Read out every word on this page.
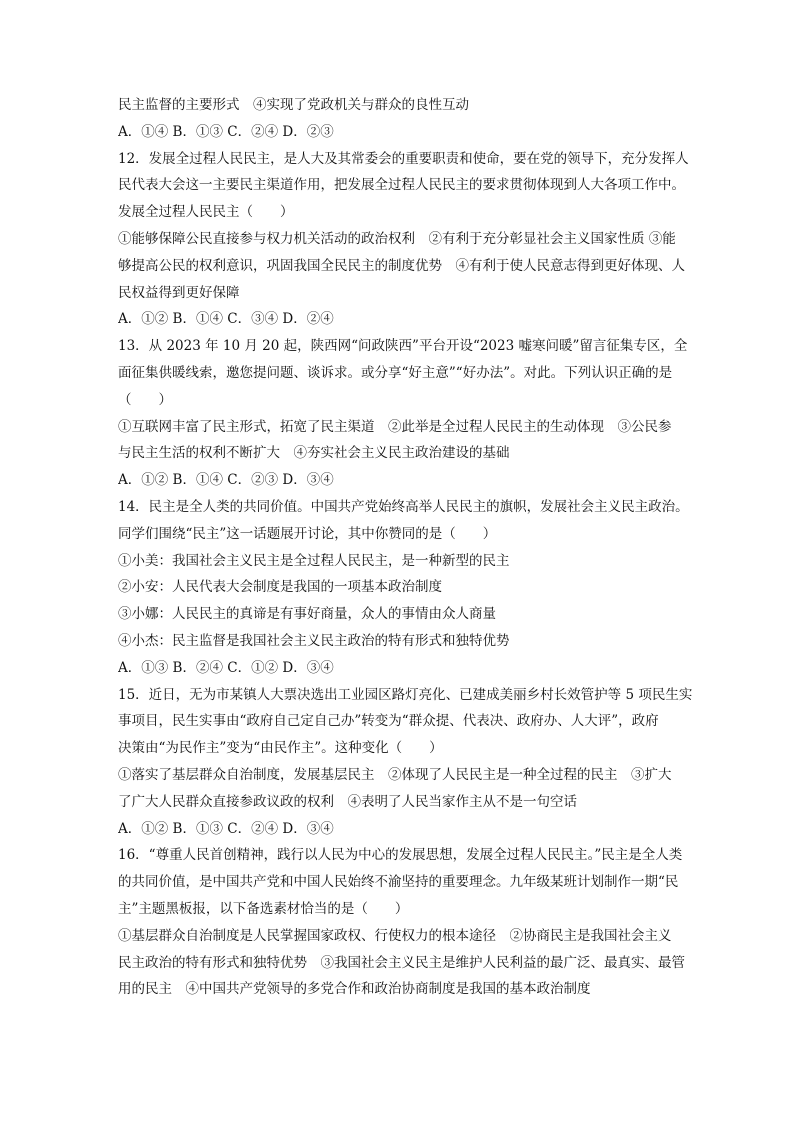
民主监督的主要形式　④实现了党政机关与群众的良性互动
A．①④ B．①③ C．②④ D．②③
12．发展全过程人民民主，是人大及其常委会的重要职责和使命，要在党的领导下，充分发挥人
民代表大会这一主要民主渠道作用，把发展全过程人民民主的要求贯彻体现到人大各项工作中。
发展全过程人民民主（　　）
①能够保障公民直接参与权力机关活动的政治权利　②有利于充分彰显社会主义国家性质 ③能
够提高公民的权利意识，巩固我国全民民主的制度优势　④有利于使人民意志得到更好体现、人
民权益得到更好保障
A．①② B．①④ C．③④ D．②④
13．从 2023 年 10 月 20 起，陕西网“问政陕西”平台开设“2023 嘘寒问暖”留言征集专区，全
面征集供暖线索，邀您提问题、谈诉求。或分享“好主意”“好办法”。对此。下列认识正确的是
（　　）
①互联网丰富了民主形式，拓宽了民主渠道　②此举是全过程人民民主的生动体现　③公民参
与民主生活的权利不断扩大　④夯实社会主义民主政治建设的基础
A．①② B．①④ C．②③ D．③④
14．民主是全人类的共同价值。中国共产党始终高举人民民主的旗帜，发展社会主义民主政治。
同学们围绕“民主”这一话题展开讨论，其中你赞同的是（　　）
①小美：我国社会主义民主是全过程人民民主，是一种新型的民主
②小安：人民代表大会制度是我国的一项基本政治制度
③小娜：人民民主的真谛是有事好商量，众人的事情由众人商量
④小杰：民主监督是我国社会主义民主政治的特有形式和独特优势
A．①③ B．②④ C．①② D．③④
15．近日，无为市某镇人大票决选出工业园区路灯亮化、已建成美丽乡村长效管护等 5 项民生实
事项目，民生实事由“政府自己定自己办”转变为“群众提、代表决、政府办、人大评”，政府
决策由“为民作主”变为“由民作主”。这种变化（　　）
①落实了基层群众自治制度，发展基层民主　②体现了人民民主是一种全过程的民主　③扩大
了广大人民群众直接参政议政的权利　④表明了人民当家作主从不是一句空话
A．①② B．①③ C．②④ D．③④
16．“尊重人民首创精神，践行以人民为中心的发展思想，发展全过程人民民主。”民主是全人类
的共同价值，是中国共产党和中国人民始终不渝坚持的重要理念。九年级某班计划制作一期“民
主”主题黑板报，以下备选素材恰当的是（　　）
①基层群众自治制度是人民掌握国家政权、行使权力的根本途径　②协商民主是我国社会主义
民主政治的特有形式和独特优势　③我国社会主义民主是维护人民利益的最广泛、最真实、最管
用的民主　④中国共产党领导的多党合作和政治协商制度是我国的基本政治制度
